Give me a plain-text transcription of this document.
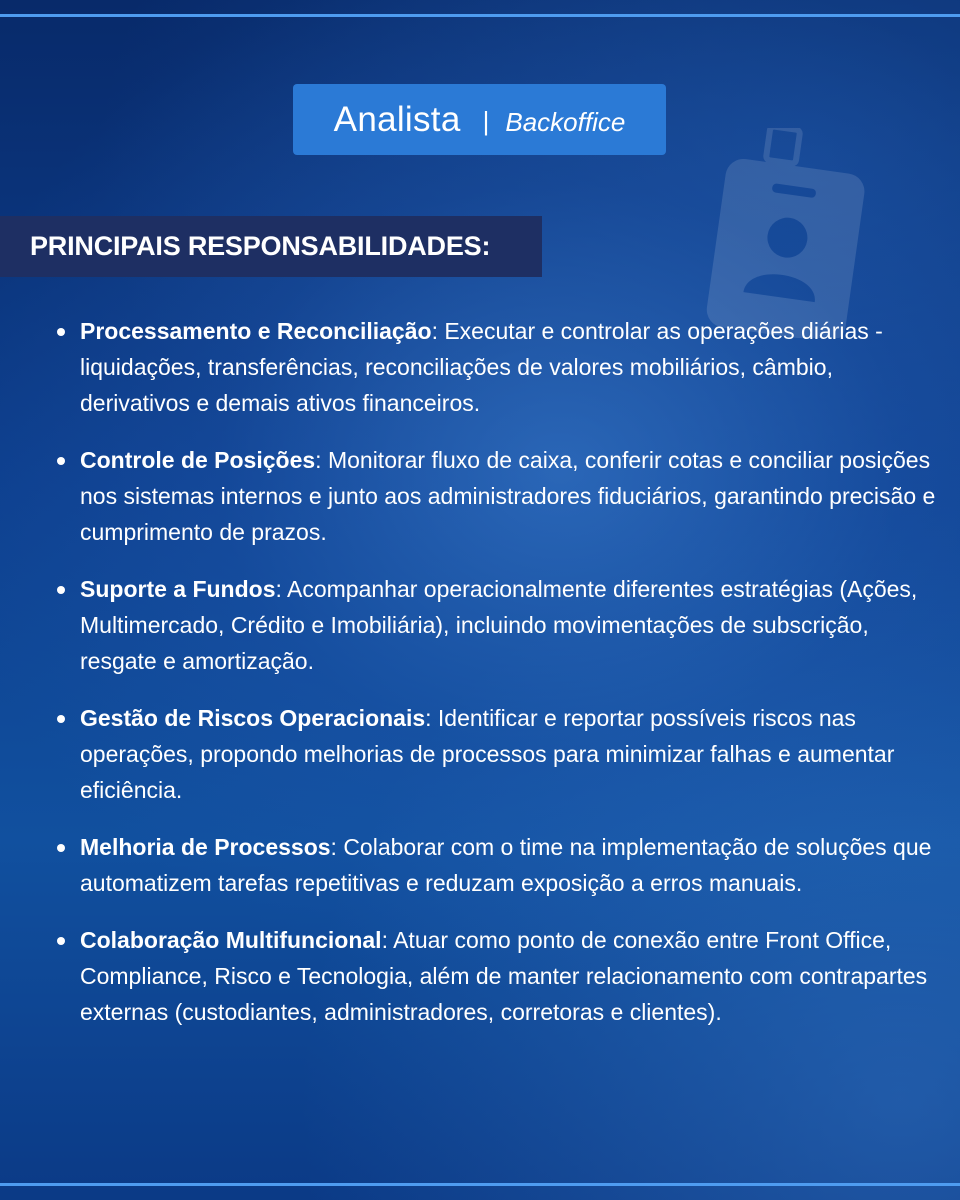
Analista | Backoffice
PRINCIPAIS RESPONSABILIDADES:
Processamento e Reconciliação: Executar e controlar as operações diárias - liquidações, transferências, reconciliações de valores mobiliários, câmbio, derivativos e demais ativos financeiros.
Controle de Posições: Monitorar fluxo de caixa, conferir cotas e conciliar posições nos sistemas internos e junto aos administradores fiduciários, garantindo precisão e cumprimento de prazos.
Suporte a Fundos: Acompanhar operacionalmente diferentes estratégias (Ações, Multimercado, Crédito e Imobiliária), incluindo movimentações de subscrição, resgate e amortização.
Gestão de Riscos Operacionais: Identificar e reportar possíveis riscos nas operações, propondo melhorias de processos para minimizar falhas e aumentar eficiência.
Melhoria de Processos: Colaborar com o time na implementação de soluções que automatizem tarefas repetitivas e reduzam exposição a erros manuais.
Colaboração Multifuncional: Atuar como ponto de conexão entre Front Office, Compliance, Risco e Tecnologia, além de manter relacionamento com contrapartes externas (custodiantes, administradores, corretoras e clientes).
